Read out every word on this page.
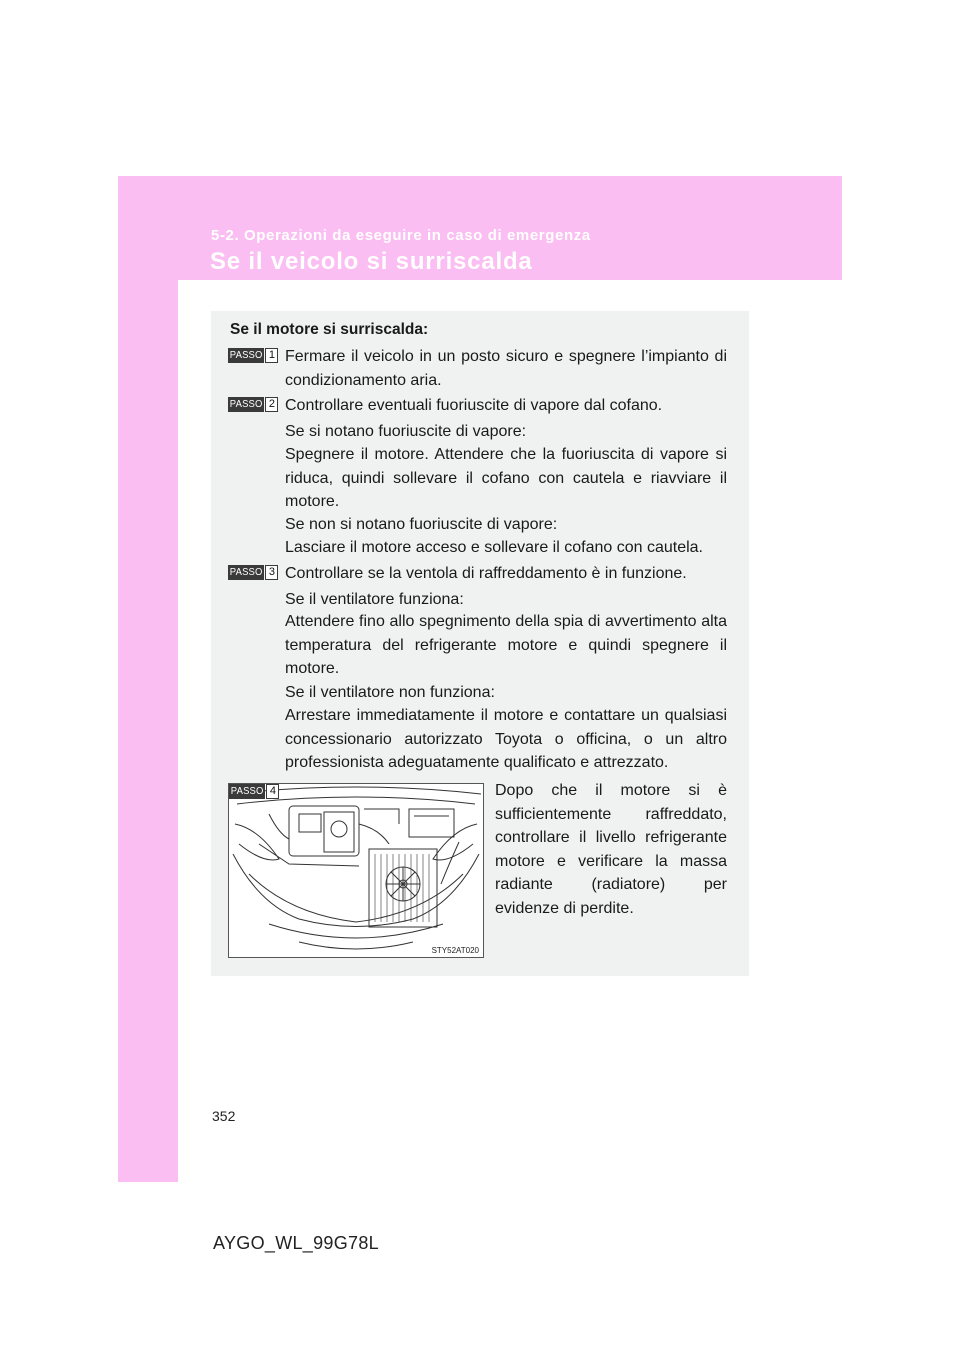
5-2. Operazioni da eseguire in caso di emergenza
Se il veicolo si surriscalda
Se il motore si surriscalda:
PASSO 1 Fermare il veicolo in un posto sicuro e spegnere l’impianto di condizionamento aria.
PASSO 2 Controllare eventuali fuoriuscite di vapore dal cofano.
Se si notano fuoriuscite di vapore:
Spegnere il motore. Attendere che la fuoriuscita di vapore si riduca, quindi sollevare il cofano con cautela e riavviare il motore.
Se non si notano fuoriuscite di vapore:
Lasciare il motore acceso e sollevare il cofano con cautela.
PASSO 3 Controllare se la ventola di raffreddamento è in funzione.
Se il ventilatore funziona:
Attendere fino allo spegnimento della spia di avvertimento alta temperatura del refrigerante motore e quindi spegnere il motore.
Se il ventilatore non funziona:
Arrestare immediatamente il motore e contattare un qualsiasi concessionario autorizzato Toyota o officina, o un altro professionista adeguatamente qualificato e attrezzato.
PASSO 4
STY52AT020
Dopo che il motore si è sufficientemente raffreddato, controllare il livello refrigerante motore e verificare la massa radiante (radiatore) per evidenze di perdite.
352
AYGO_WL_99G78L
